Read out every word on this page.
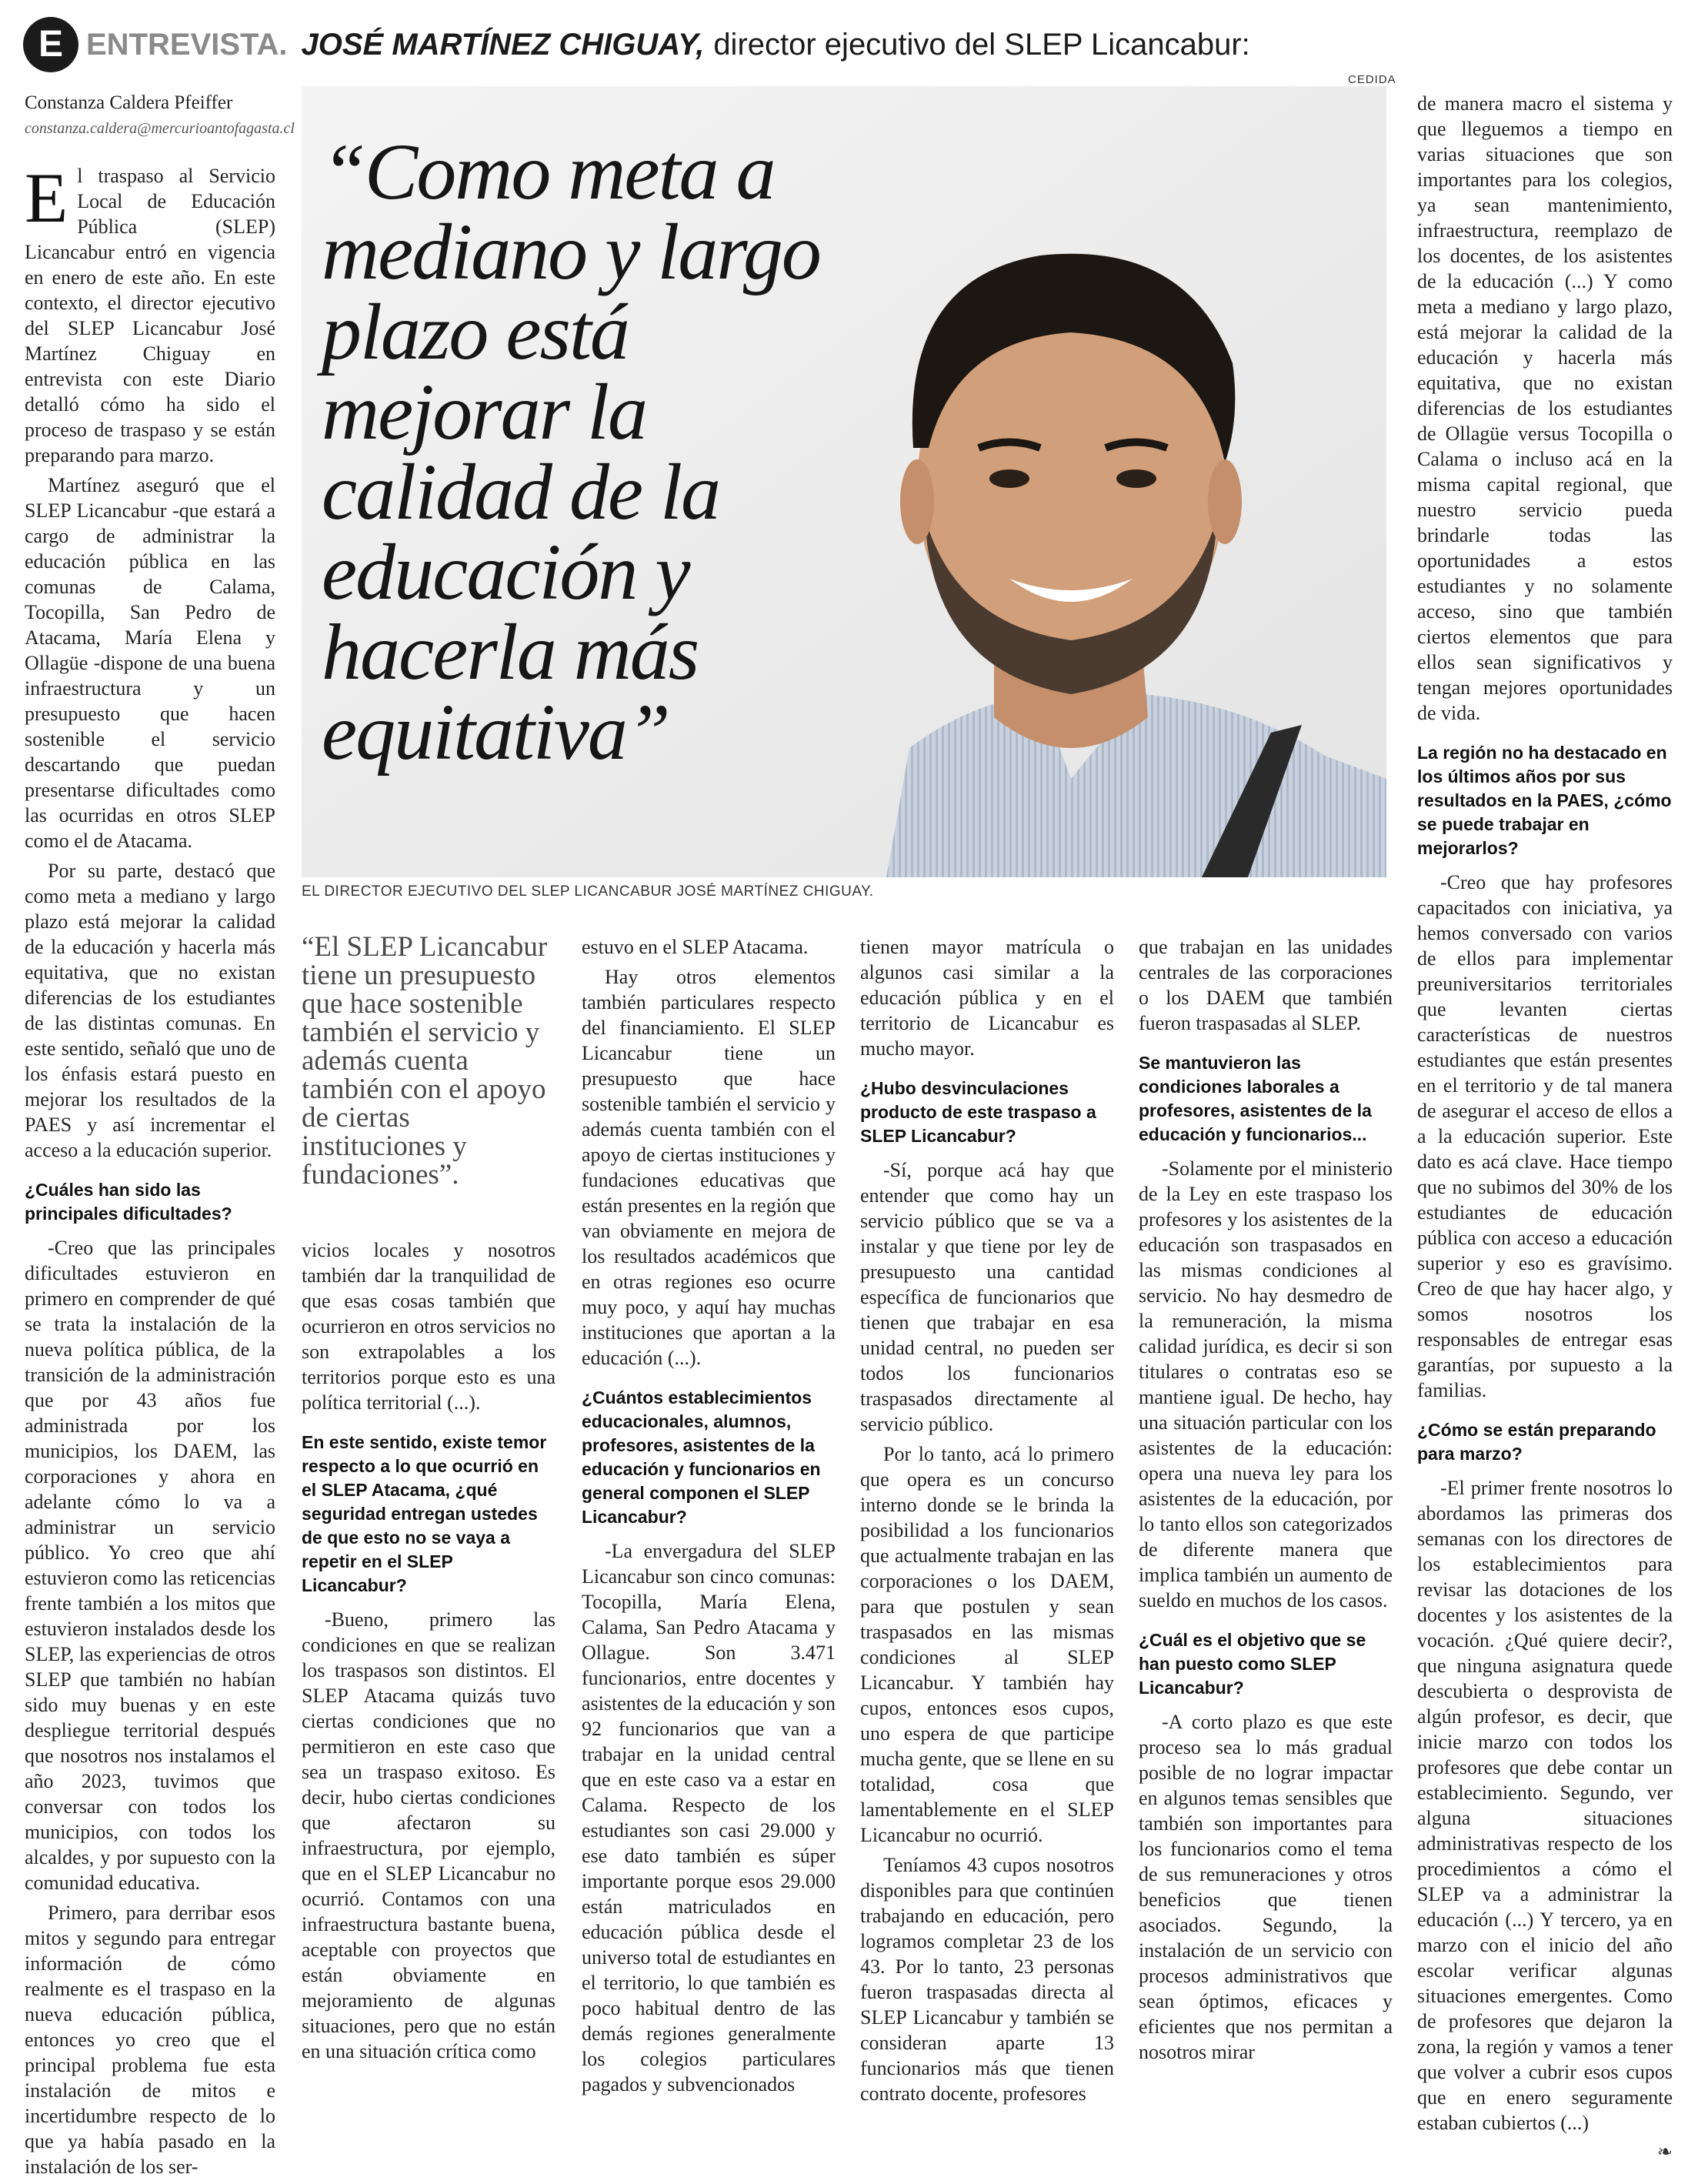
E ENTREVISTA. JOSÉ MARTÍNEZ CHIGUAY, director ejecutivo del SLEP Licancabur:
CEDIDA
Constanza Caldera Pfeiffer
constanza.caldera@mercurioantofagasta.cl

El traspaso al Servicio Local de Educación Pública (SLEP) Licancabur entró en vigencia en enero de este año. En este contexto, el director ejecutivo del SLEP Licancabur José Martínez Chiguay en entrevista con este Diario detalló cómo ha sido el proceso de traspaso y se están preparando para marzo.

Martínez aseguró que el SLEP Licancabur -que estará a cargo de administrar la educación pública en las comunas de Calama, Tocopilla, San Pedro de Atacama, María Elena y Ollagüe -dispone de una buena infraestructura y un presupuesto que hacen sostenible el servicio descartando que puedan presentarse dificultades como las ocurridas en otros SLEP como el de Atacama.

Por su parte, destacó que como meta a mediano y largo plazo está mejorar la calidad de la educación y hacerla más equitativa, que no existan diferencias de los estudiantes de las distintas comunas. En este sentido, señaló que uno de los énfasis estará puesto en mejorar los resultados de la PAES y así incrementar el acceso a la educación superior.

¿Cuáles han sido las principales dificultades?

-Creo que las principales dificultades estuvieron en primero en comprender de qué se trata la instalación de la nueva política pública, de la transición de la administración que por 43 años fue administrada por los municipios, los DAEM, las corporaciones y ahora en adelante cómo lo va a administrar un servicio público. Yo creo que ahí estuvieron como las reticencias frente también a los mitos que estuvieron instalados desde los SLEP, las experiencias de otros SLEP que también no habían sido muy buenas y en este despliegue territorial después que nosotros nos instalamos el año 2023, tuvimos que conversar con todos los municipios, con todos los alcaldes, y por supuesto con la comunidad educativa.

Primero, para derribar esos mitos y segundo para entregar información de cómo realmente es el traspaso en la nueva educación pública, entonces yo creo que el principal problema fue esta instalación de mitos e incertidumbre respecto de lo que ya había pasado en la instalación de los ser-

“Como meta a mediano y largo plazo está mejorar la calidad de la educación y hacerla más equitativa”
EL DIRECTOR EJECUTIVO DEL SLEP LICANCABUR JOSÉ MARTÍNEZ CHIGUAY.
“El SLEP Licancabur tiene un presupuesto que hace sostenible también el servicio y además cuenta también con el apoyo de ciertas instituciones y fundaciones”.

vicios locales y nosotros también dar la tranquilidad de que esas cosas también que ocurrieron en otros servicios no son extrapolables a los territorios porque esto es una política territorial (...).

En este sentido, existe temor respecto a lo que ocurrió en el SLEP Atacama, ¿qué seguridad entregan ustedes de que esto no se vaya a repetir en el SLEP Licancabur?

-Bueno, primero las condiciones en que se realizan los traspasos son distintos. El SLEP Atacama quizás tuvo ciertas condiciones que no permitieron en este caso que sea un traspaso exitoso. Es decir, hubo ciertas condiciones que afectaron su infraestructura, por ejemplo, que en el SLEP Licancabur no ocurrió. Contamos con una infraestructura bastante buena, aceptable con proyectos que están obviamente en mejoramiento de algunas situaciones, pero que no están en una situación crítica como

estuvo en el SLEP Atacama.

Hay otros elementos también particulares respecto del financiamiento. El SLEP Licancabur tiene un presupuesto que hace sostenible también el servicio y además cuenta también con el apoyo de ciertas instituciones y fundaciones educativas que están presentes en la región que van obviamente en mejora de los resultados académicos que en otras regiones eso ocurre muy poco, y aquí hay muchas instituciones que aportan a la educación (...).

¿Cuántos establecimientos educacionales, alumnos, profesores, asistentes de la educación y funcionarios en general componen el SLEP Licancabur?

-La envergadura del SLEP Licancabur son cinco comunas: Tocopilla, María Elena, Calama, San Pedro Atacama y Ollague. Son 3.471 funcionarios, entre docentes y asistentes de la educación y son 92 funcionarios que van a trabajar en la unidad central que en este caso va a estar en Calama. Respecto de los estudiantes son casi 29.000 y ese dato también es súper importante porque esos 29.000 están matriculados en educación pública desde el universo total de estudiantes en el territorio, lo que también es poco habitual dentro de las demás regiones generalmente los colegios particulares pagados y subvencionados

tienen mayor matrícula o algunos casi similar a la educación pública y en el territorio de Licancabur es mucho mayor.

¿Hubo desvinculaciones producto de este traspaso a SLEP Licancabur?

-Sí, porque acá hay que entender que como hay un servicio público que se va a instalar y que tiene por ley de presupuesto una cantidad específica de funcionarios que tienen que trabajar en esa unidad central, no pueden ser todos los funcionarios traspasados directamente al servicio público.

Por lo tanto, acá lo primero que opera es un concurso interno donde se le brinda la posibilidad a los funcionarios que actualmente trabajan en las corporaciones o los DAEM, para que postulen y sean traspasados en las mismas condiciones al SLEP Licancabur. Y también hay cupos, entonces esos cupos, uno espera de que participe mucha gente, que se llene en su totalidad, cosa que lamentablemente en el SLEP Licancabur no ocurrió.

Teníamos 43 cupos nosotros disponibles para que continúen trabajando en educación, pero logramos completar 23 de los 43. Por lo tanto, 23 personas fueron traspasadas directa al SLEP Licancabur y también se consideran aparte 13 funcionarios más que tienen contrato docente, profesores

que trabajan en las unidades centrales de las corporaciones o los DAEM que también fueron traspasadas al SLEP.

Se mantuvieron las condiciones laborales a profesores, asistentes de la educación y funcionarios...

-Solamente por el ministerio de la Ley en este traspaso los profesores y los asistentes de la educación son traspasados en las mismas condiciones al servicio. No hay desmedro de la remuneración, la misma calidad jurídica, es decir si son titulares o contratas eso se mantiene igual. De hecho, hay una situación particular con los asistentes de la educación: opera una nueva ley para los asistentes de la educación, por lo tanto ellos son categorizados de diferente manera que implica también un aumento de sueldo en muchos de los casos.

¿Cuál es el objetivo que se han puesto como SLEP Licancabur?

-A corto plazo es que este proceso sea lo más gradual posible de no lograr impactar en algunos temas sensibles que también son importantes para los funcionarios como el tema de sus remuneraciones y otros beneficios que tienen asociados. Segundo, la instalación de un servicio con procesos administrativos que sean óptimos, eficaces y eficientes que nos permitan a nosotros mirar

de manera macro el sistema y que lleguemos a tiempo en varias situaciones que son importantes para los colegios, ya sean mantenimiento, infraestructura, reemplazo de los docentes, de los asistentes de la educación (...) Y como meta a mediano y largo plazo, está mejorar la calidad de la educación y hacerla más equitativa, que no existan diferencias de los estudiantes de Ollagüe versus Tocopilla o Calama o incluso acá en la misma capital regional, que nuestro servicio pueda brindarle todas las oportunidades a estos estudiantes y no solamente acceso, sino que también ciertos elementos que para ellos sean significativos y tengan mejores oportunidades de vida.

La región no ha destacado en los últimos años por sus resultados en la PAES, ¿cómo se puede trabajar en mejorarlos?

-Creo que hay profesores capacitados con iniciativa, ya hemos conversado con varios de ellos para implementar preuniversitarios territoriales que levanten ciertas características de nuestros estudiantes que están presentes en el territorio y de tal manera de asegurar el acceso de ellos a a la educación superior. Este dato es acá clave. Hace tiempo que no subimos del 30% de los estudiantes de educación pública con acceso a educación superior y eso es gravísimo. Creo de que hay hacer algo, y somos nosotros los responsables de entregar esas garantías, por supuesto a la familias.

¿Cómo se están preparando para marzo?

-El primer frente nosotros lo abordamos las primeras dos semanas con los directores de los establecimientos para revisar las dotaciones de los docentes y los asistentes de la vocación. ¿Qué quiere decir?, que ninguna asignatura quede descubierta o desprovista de algún profesor, es decir, que inicie marzo con todos los profesores que debe contar un establecimiento. Segundo, ver alguna situaciones administrativas respecto de los procedimientos a cómo el SLEP va a administrar la educación (...) Y tercero, ya en marzo con el inicio del año escolar verificar algunas situaciones emergentes. Como de profesores que dejaron la zona, la región y vamos a tener que volver a cubrir esos cupos que en enero seguramente estaban cubiertos (...)

❧
